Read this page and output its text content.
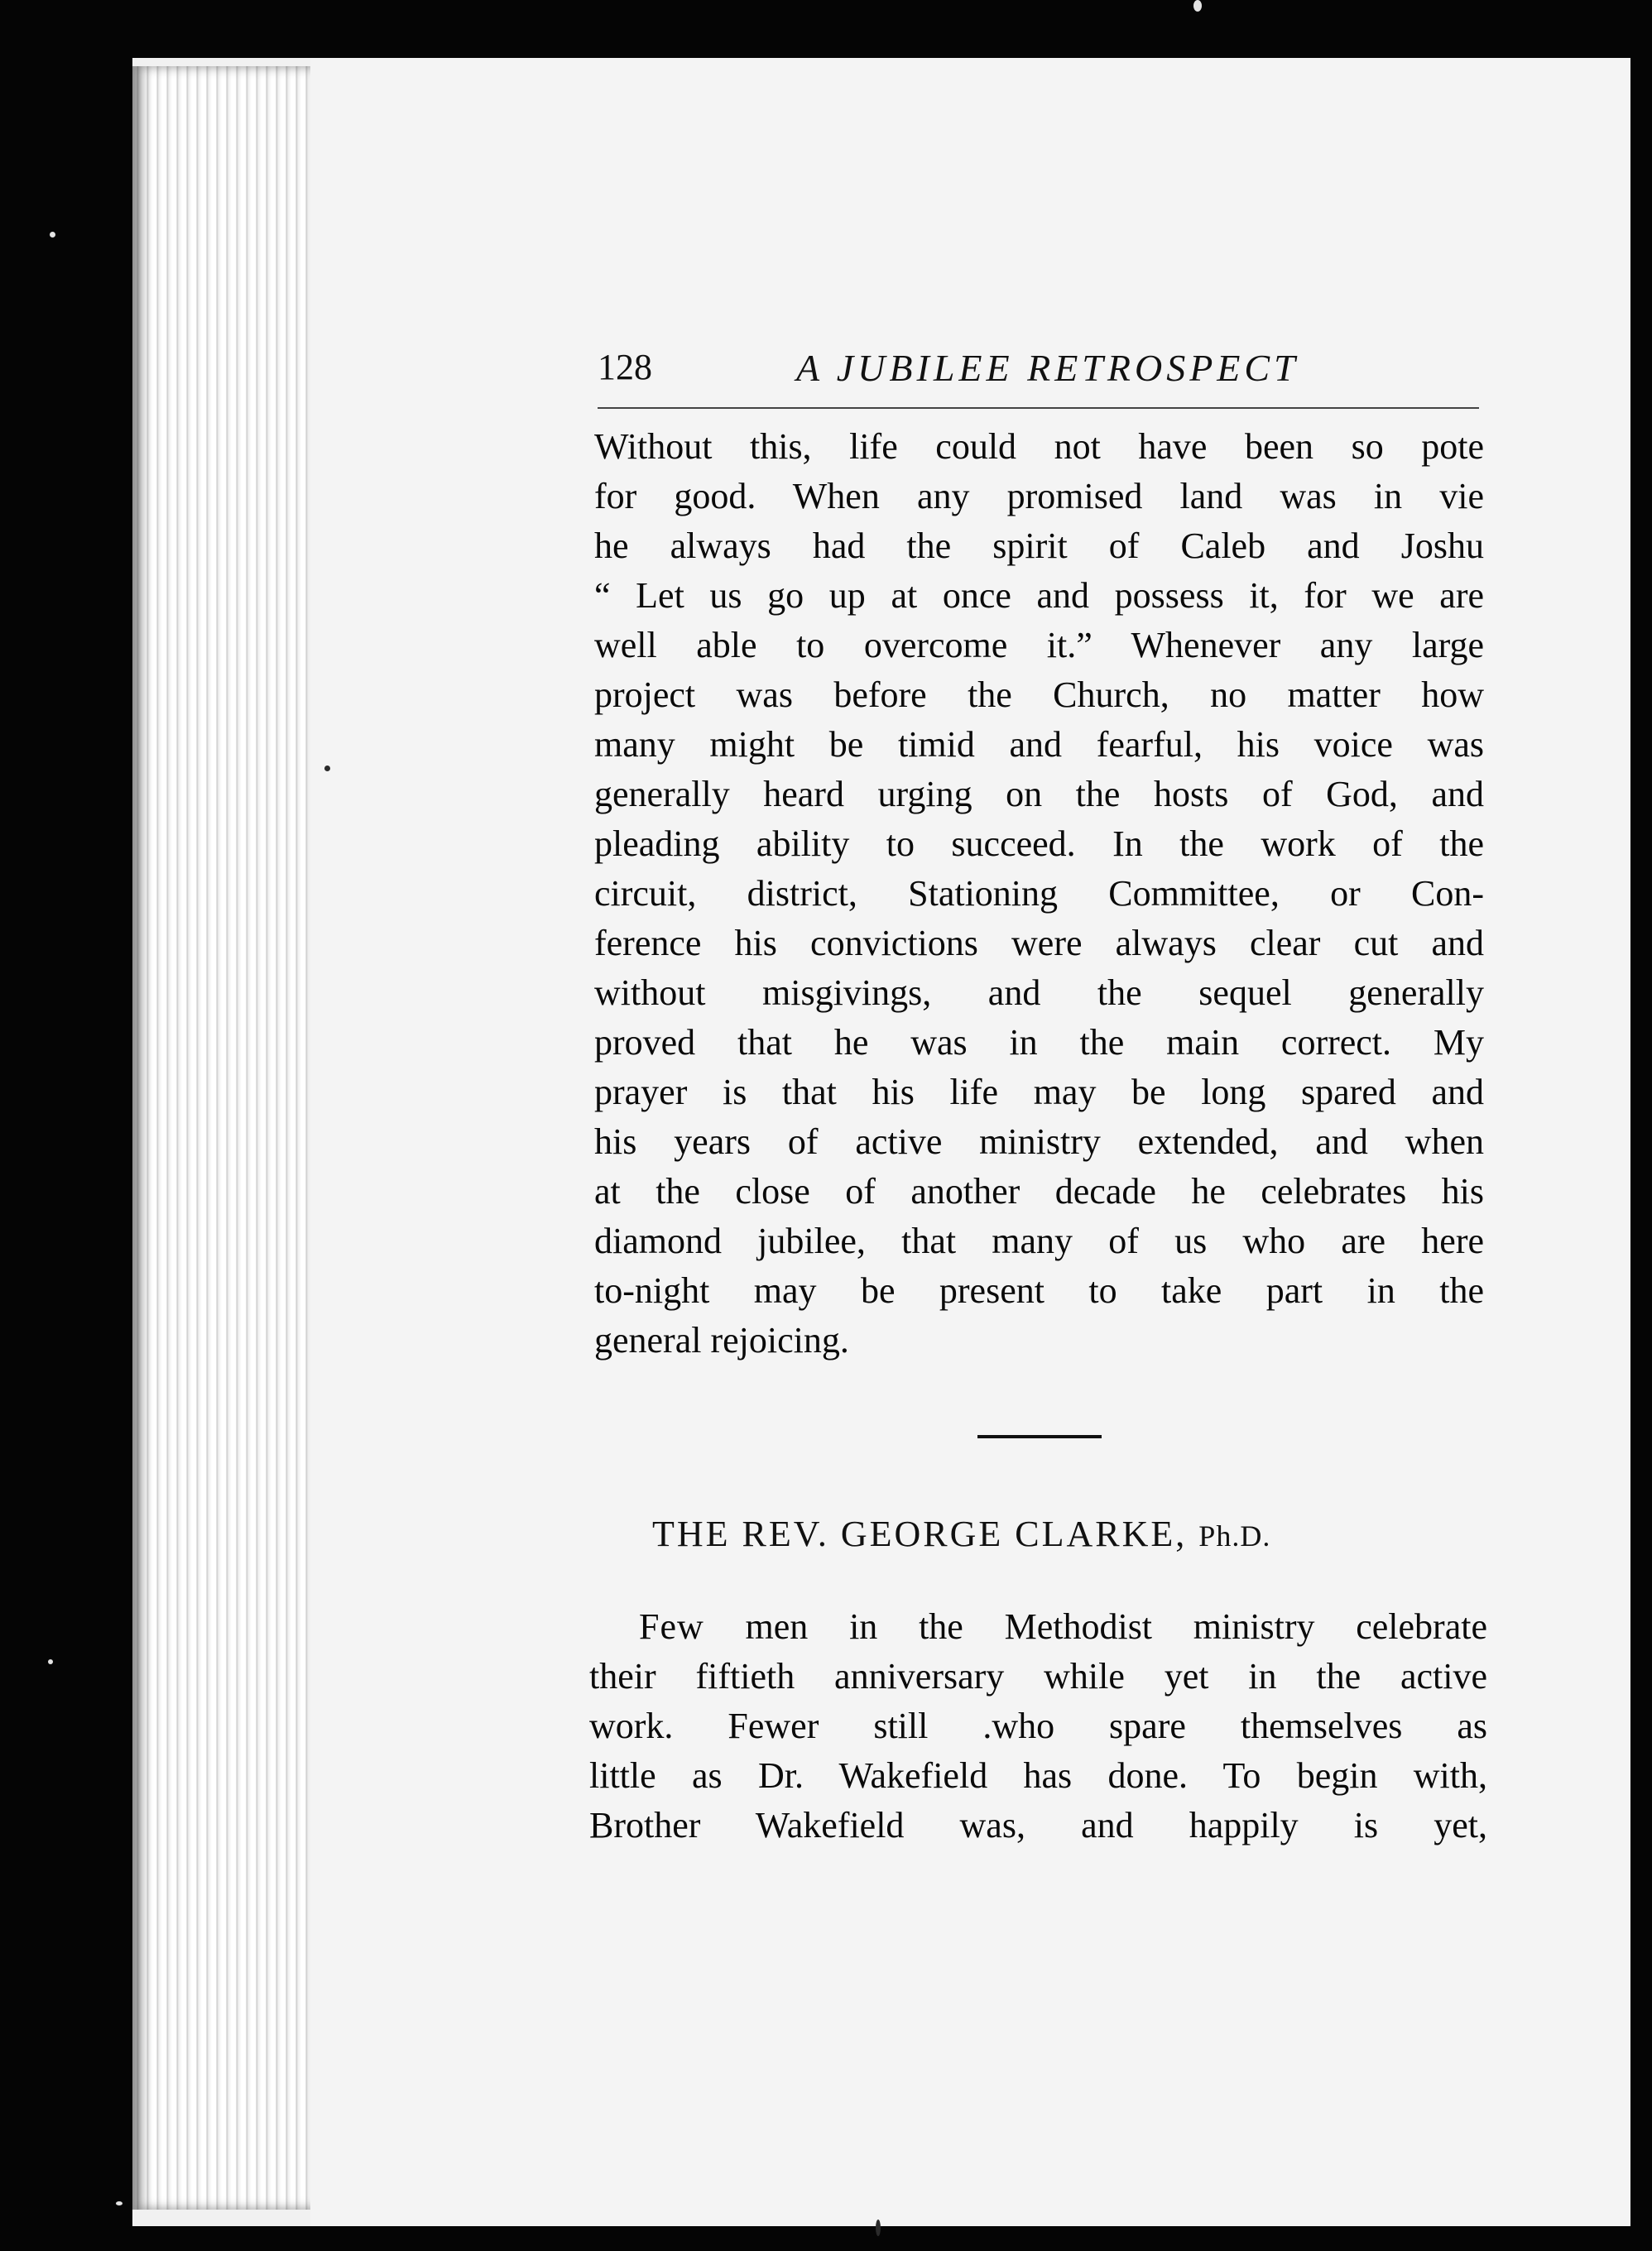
128	A JUBILEE RETROSPECT
Without this, life could not have been so pote
for good. When any promised land was in vie
he always had the spirit of Caleb and Joshu
“ Let us go up at once and possess it, for we are
well able to overcome it.” Whenever any large
project was before the Church, no matter how
many might be timid and fearful, his voice was
generally heard urging on the hosts of God, and
pleading ability to succeed. In the work of the
circuit, district, Stationing Committee, or Con-
ference his convictions were always clear cut and
without misgivings, and the sequel generally
proved that he was in the main correct. My
prayer is that his life may be long spared and
his years of active ministry extended, and when
at the close of another decade he celebrates his
diamond jubilee, that many of us who are here
to-night may be present to take part in the
general rejoicing.
THE REV. GEORGE CLARKE, Ph.D.
Few men in the Methodist ministry celebrate
their fiftieth anniversary while yet in the active
work. Fewer still .who spare themselves as
little as Dr. Wakefield has done. To begin with,
Brother Wakefield was, and happily is yet,
